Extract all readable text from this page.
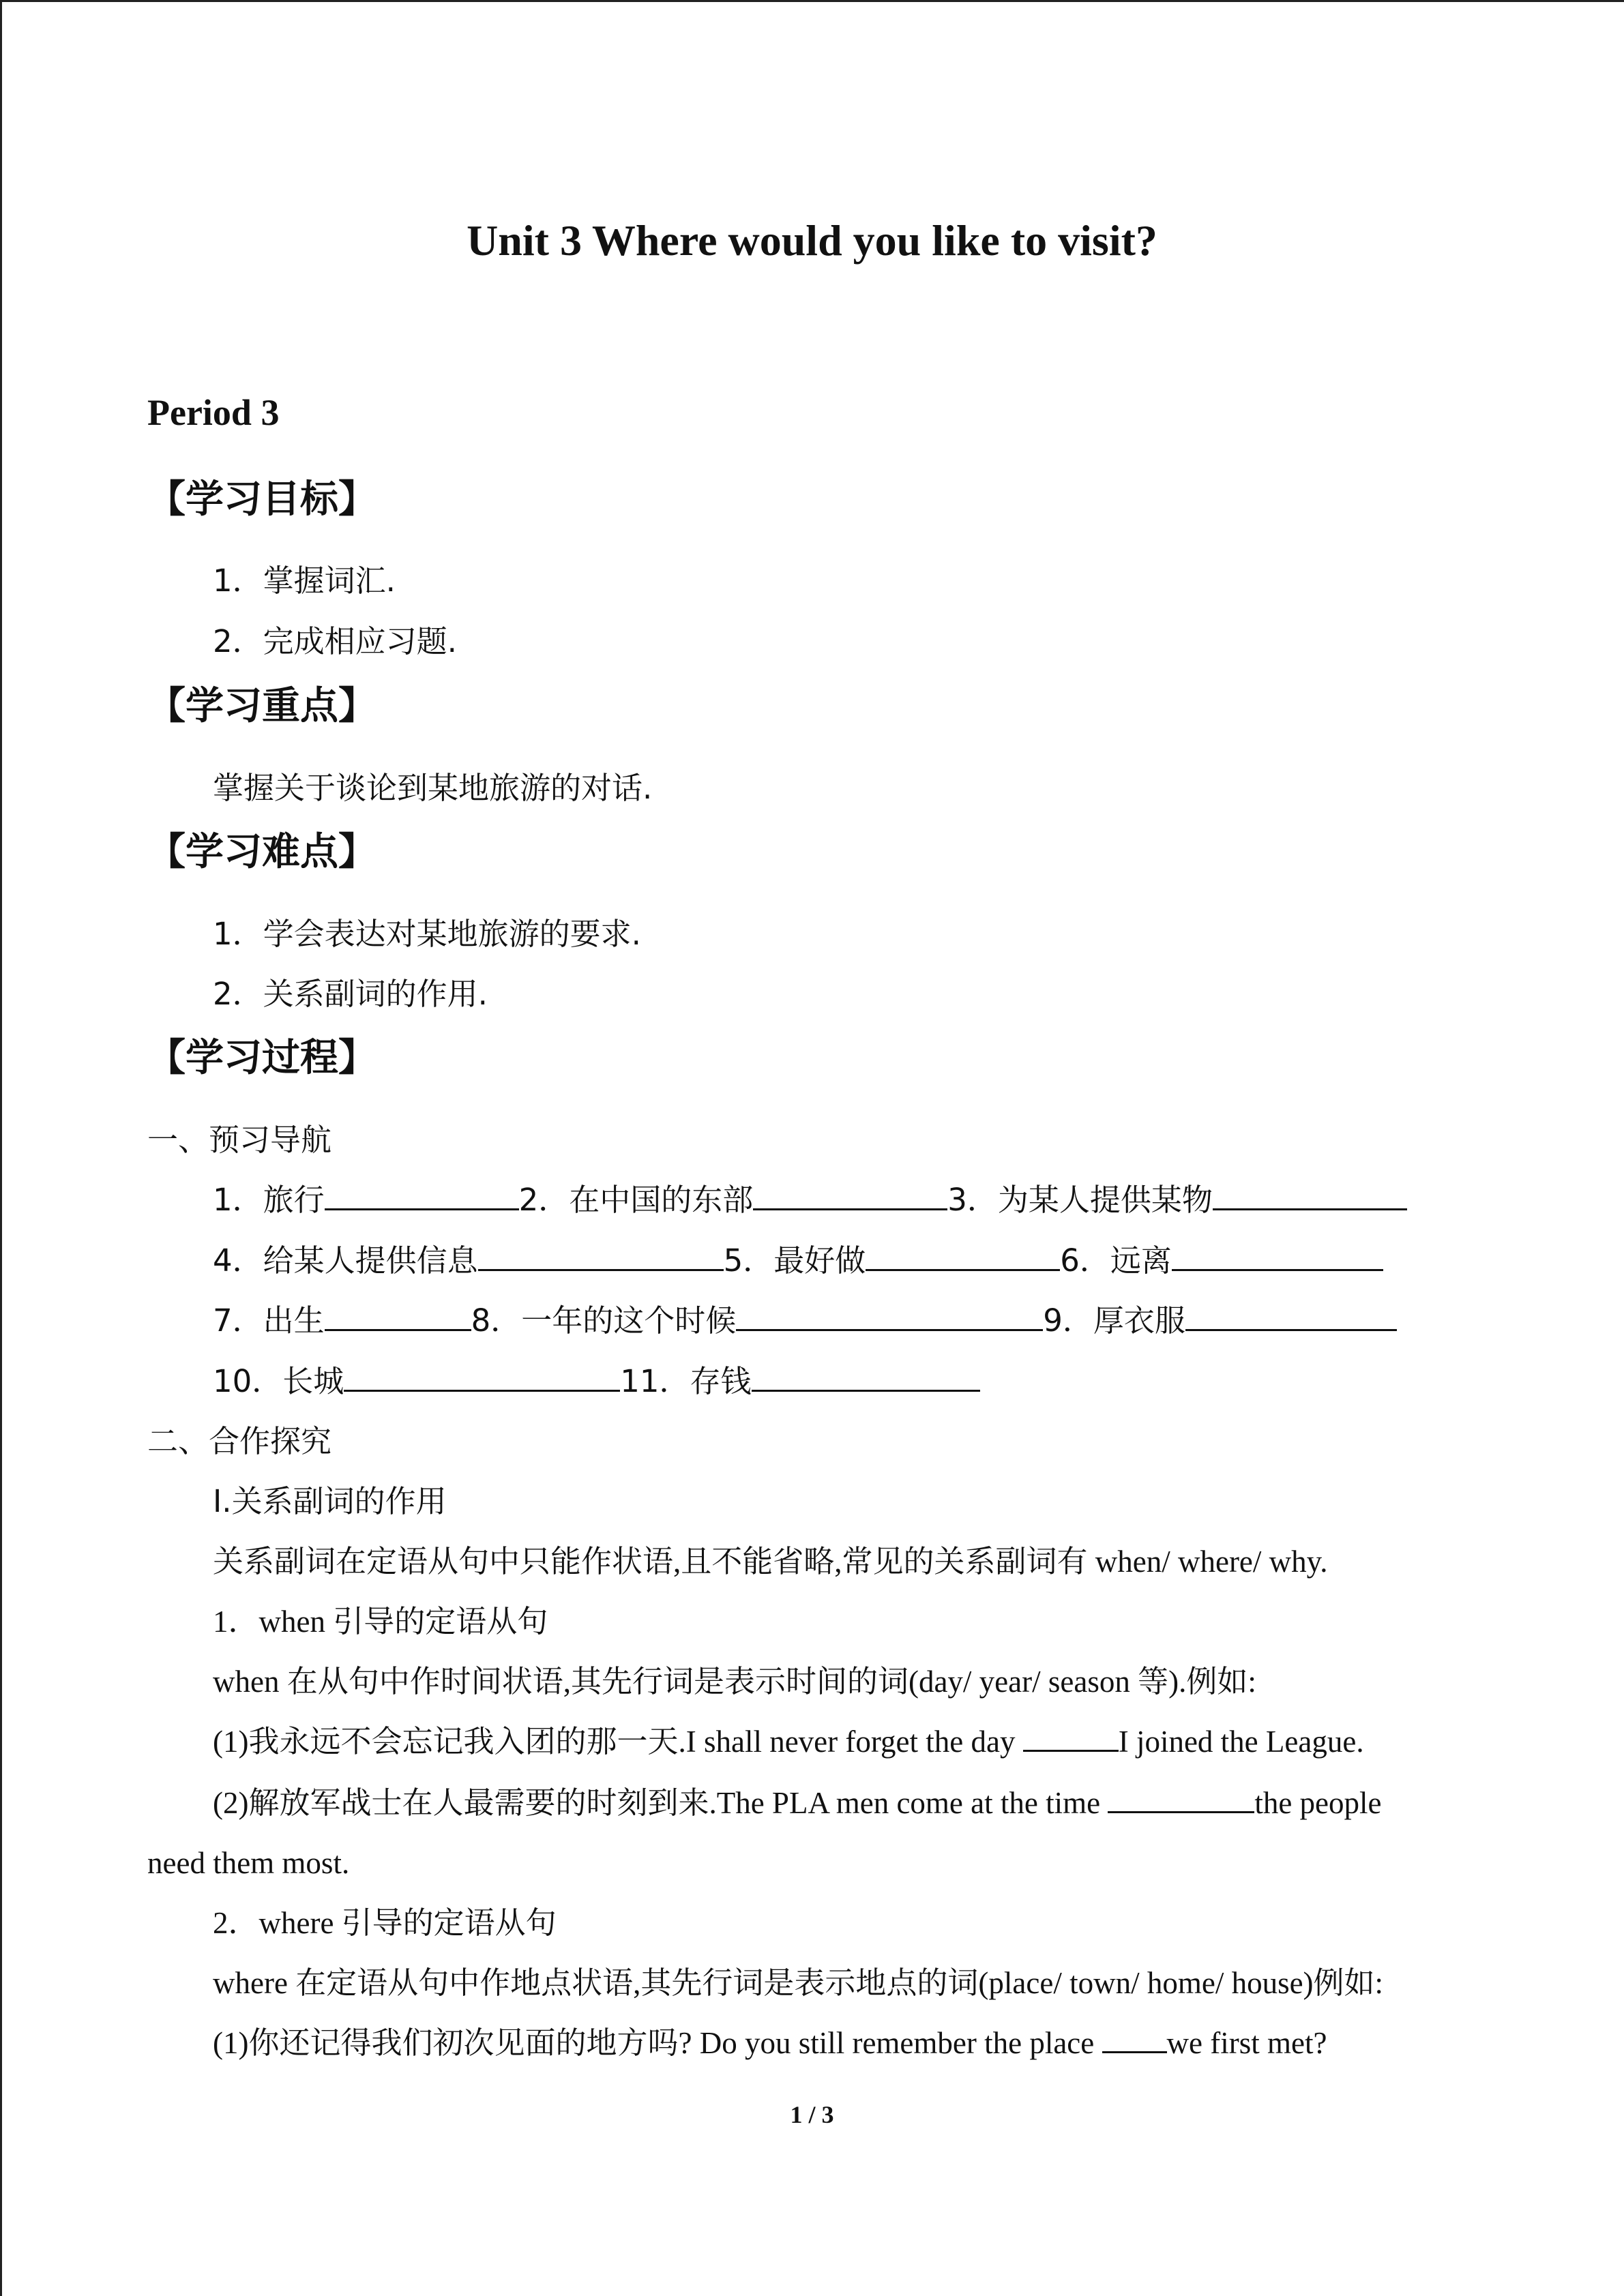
Unit 3 Where would you like to visit?
Period 3
【学习目标】
1．掌握词汇.
2．完成相应习题.
【学习重点】
掌握关于谈论到某地旅游的对话.
【学习难点】
1．学会表达对某地旅游的要求.
2．关系副词的作用.
【学习过程】
一、预习导航
1．旅行	2．在中国的东部	3．为某人提供某物
4．给某人提供信息	5．最好做	6．远离
7．出生	8．一年的这个时候	9．厚衣服
10．长城	11．存钱
二、合作探究
I.关系副词的作用
关系副词在定语从句中只能作状语,且不能省略,常见的关系副词有 when/ where/ why.
1．when 引导的定语从句
when 在从句中作时间状语,其先行词是表示时间的词(day/ year/ season 等).例如:
(1)我永远不会忘记我入团的那一天.I shall never forget the day	I joined the League.
(2)解放军战士在人最需要的时刻到来.The PLA men come at the time	the people
need them most.
2．where 引导的定语从句
where 在定语从句中作地点状语,其先行词是表示地点的词(place/ town/ home/ house)例如:
(1)你还记得我们初次见面的地方吗? Do you still remember the place we first met?
1 / 3
